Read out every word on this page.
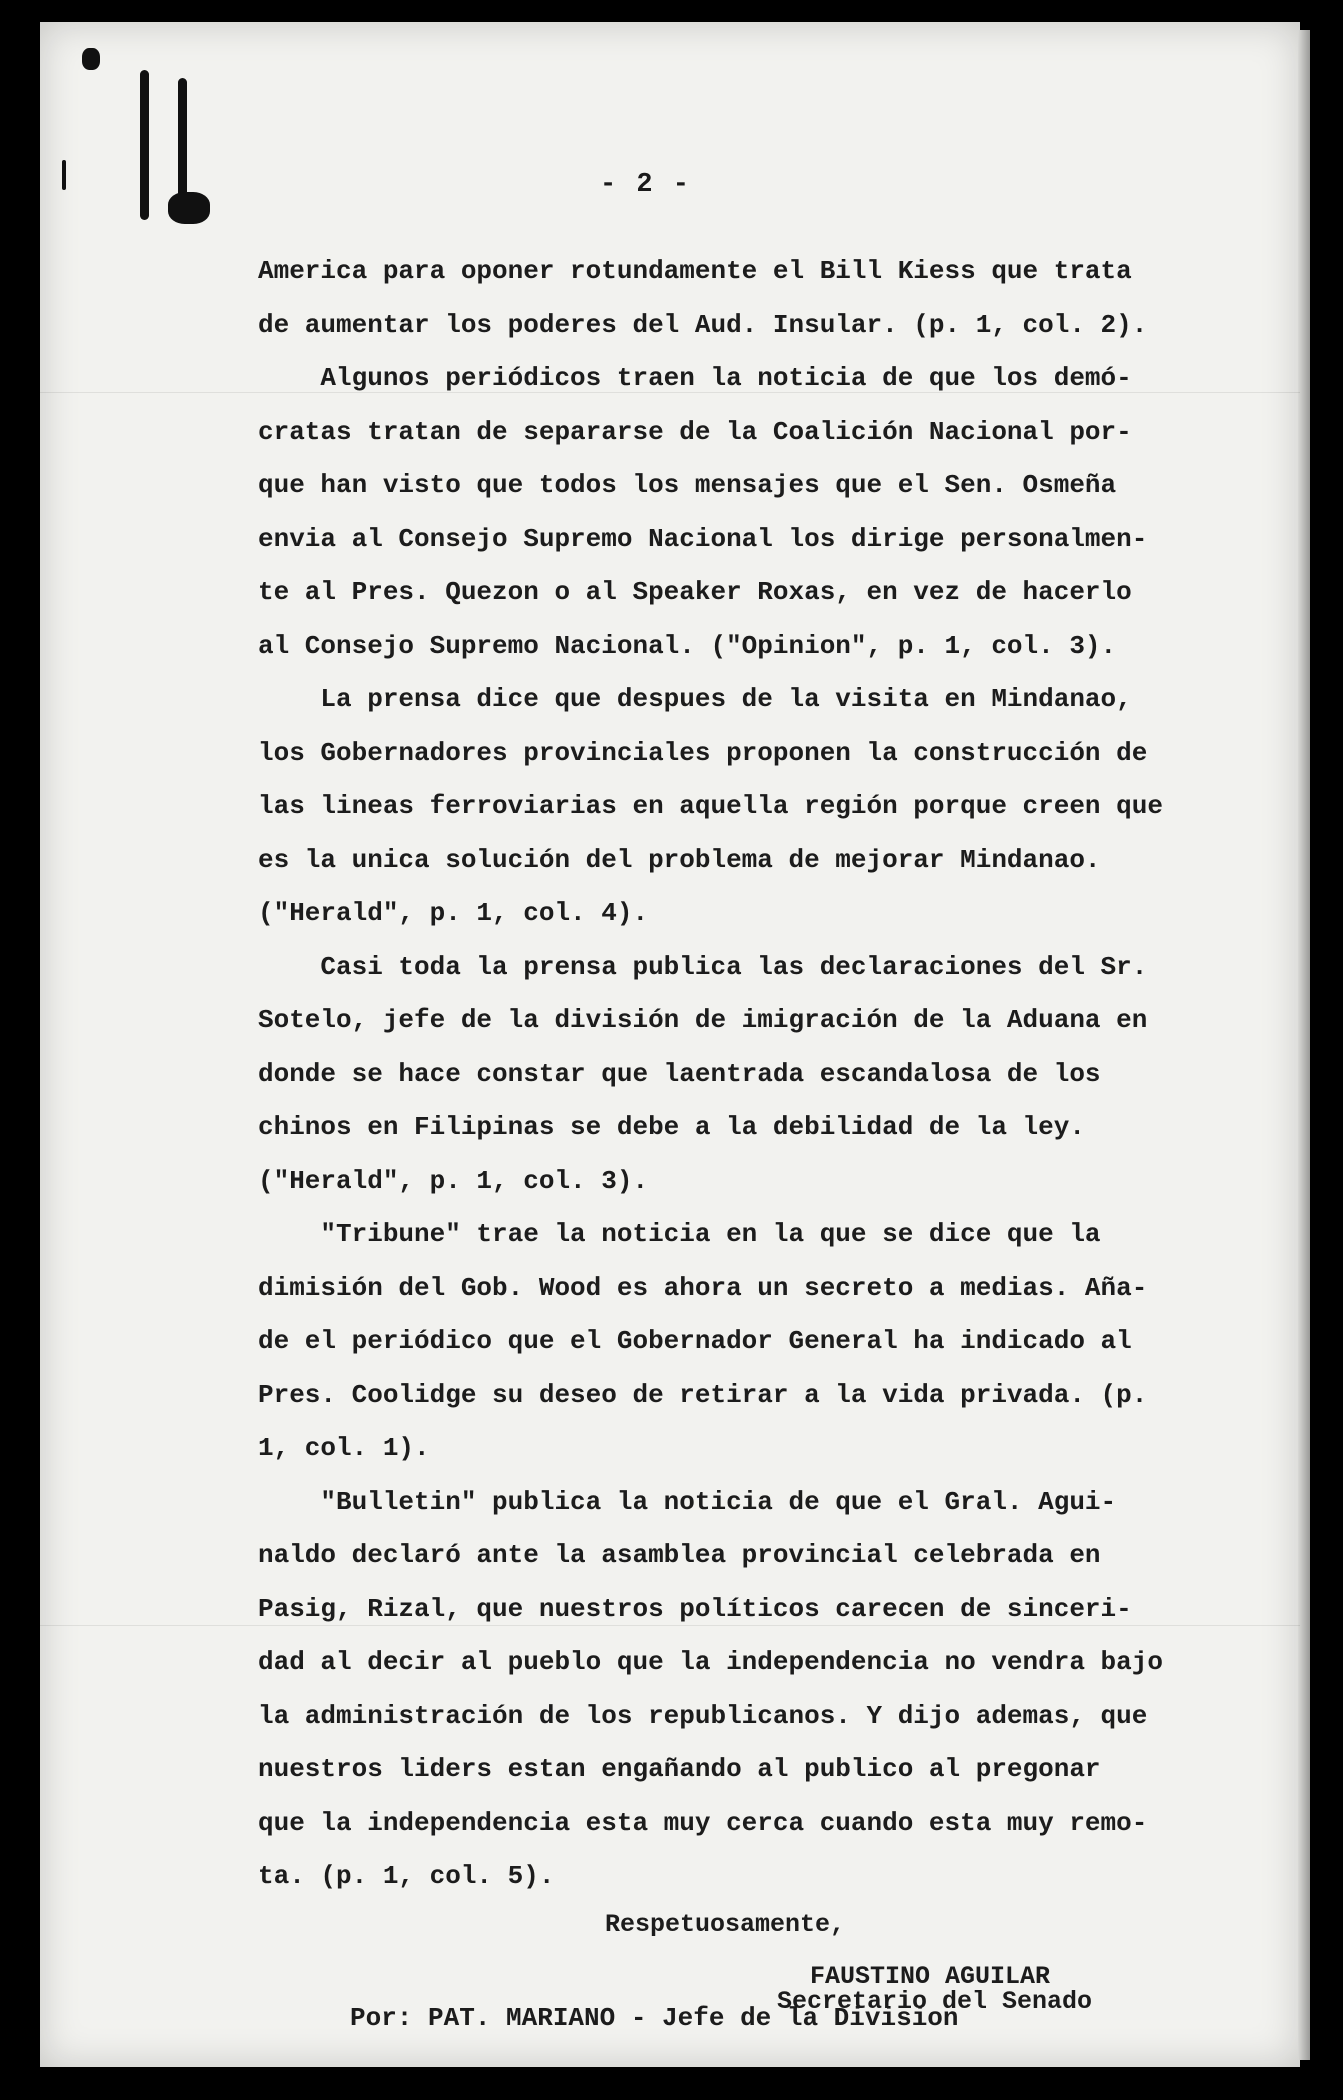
- 2 -
America para oponer rotundamente el Bill Kiess que trata
de aumentar los poderes del Aud. Insular. (p. 1, col. 2).
Algunos periódicos traen la noticia de que los demó-
cratas tratan de separarse de la Coalición Nacional por-
que han visto que todos los mensajes que el Sen. Osmeña
envia al Consejo Supremo Nacional los dirige personalmen-
te al Pres. Quezon o al Speaker Roxas, en vez de hacerlo
al Consejo Supremo Nacional. ("Opinion", p. 1, col. 3).
La prensa dice que despues de la visita en Mindanao,
los Gobernadores provinciales proponen la construcción de
las lineas ferroviarias en aquella región porque creen que
es la unica solución del problema de mejorar Mindanao.
("Herald", p. 1, col. 4).
Casi toda la prensa publica las declaraciones del Sr.
Sotelo, jefe de la división de imigración de la Aduana en
donde se hace constar que laentrada escandalosa de los
chinos en Filipinas se debe a la debilidad de la ley.
("Herald", p. 1, col. 3).
"Tribune" trae la noticia en la que se dice que la
dimisión del Gob. Wood es ahora un secreto a medias. Aña-
de el periódico que el Gobernador General ha indicado al
Pres. Coolidge su deseo de retirar a la vida privada. (p.
1, col. 1).
"Bulletin" publica la noticia de que el Gral. Agui-
naldo declaró ante la asamblea provincial celebrada en
Pasig, Rizal, que nuestros políticos carecen de sinceri-
dad al decir al pueblo que la independencia no vendra bajo
la administración de los republicanos. Y dijo ademas, que
nuestros liders estan engañando al publico al pregonar
que la independencia esta muy cerca cuando esta muy remo-
ta. (p. 1, col. 5).
Respetuosamente,
FAUSTINO AGUILAR
Secretario del Senado
Por: PAT. MARIANO - Jefe de la Division
